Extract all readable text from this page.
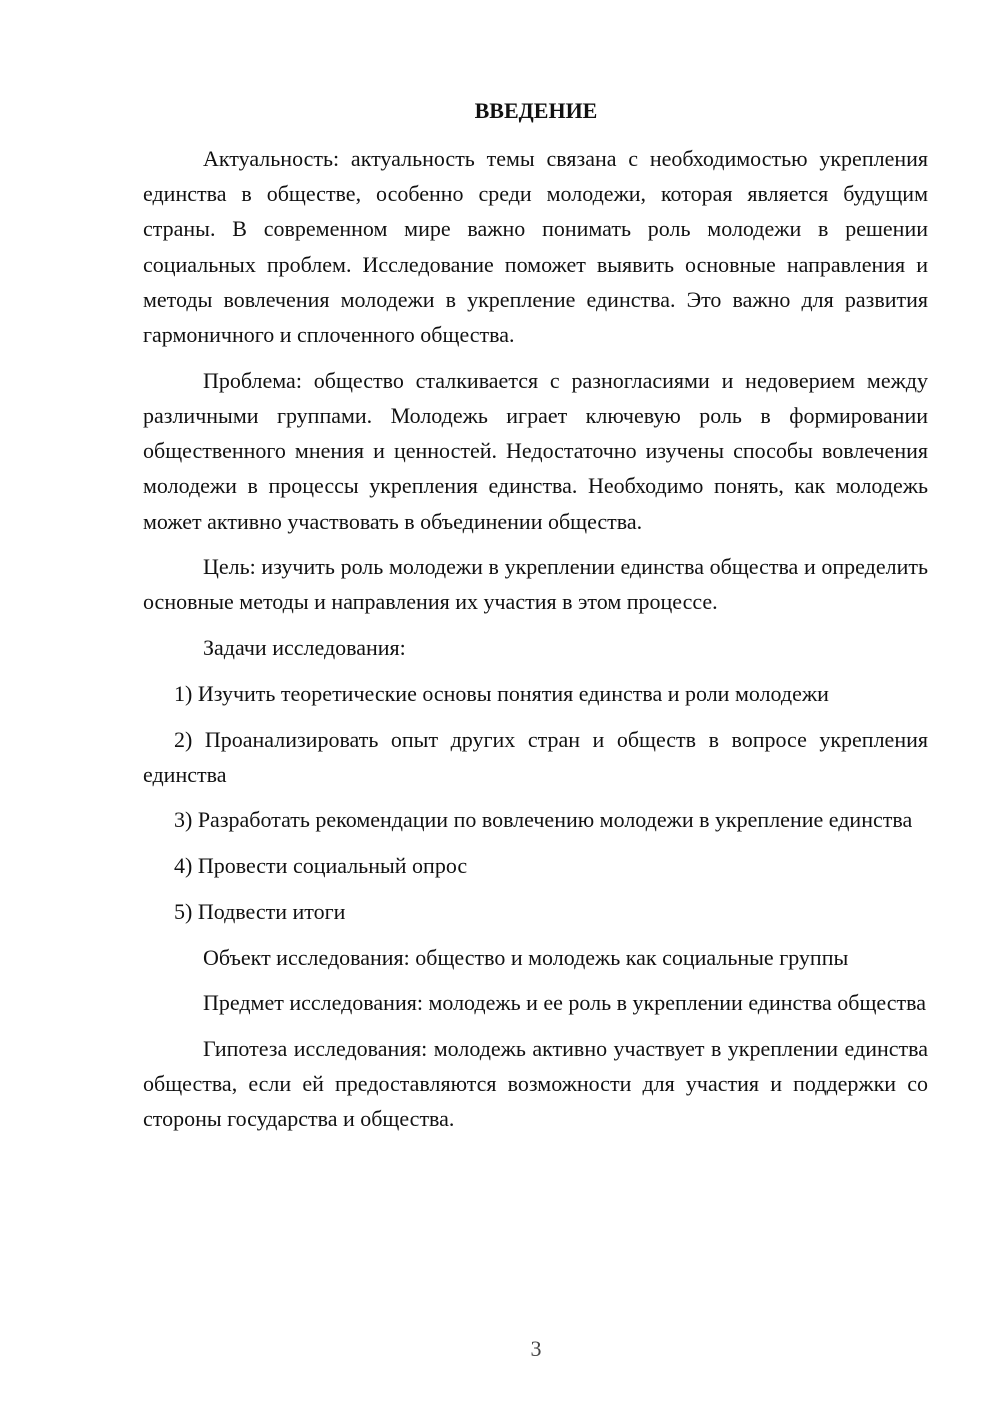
ВВЕДЕНИЕ

Актуальность: актуальность темы связана с необходимостью укрепления единства в обществе, особенно среди молодежи, которая является будущим страны. В современном мире важно понимать роль молодежи в решении социальных проблем. Исследование поможет выявить основные направления и методы вовлечения молодежи в укрепление единства. Это важно для развития гармоничного и сплоченного общества.

Проблема: общество сталкивается с разногласиями и недоверием между различными группами. Молодежь играет ключевую роль в формировании общественного мнения и ценностей. Недостаточно изучены способы вовлечения молодежи в процессы укрепления единства. Необходимо понять, как молодежь может активно участвовать в объединении общества.

Цель: изучить роль молодежи в укреплении единства общества и определить основные методы и направления их участия в этом процессе.

Задачи исследования:

1) Изучить теоретические основы понятия единства и роли молодежи

2) Проанализировать опыт других стран и обществ в вопросе укрепления единства

3) Разработать рекомендации по вовлечению молодежи в укрепление единства

4) Провести социальный опрос

5) Подвести итоги

Объект исследования: общество и молодежь как социальные группы

Предмет исследования: молодежь и ее роль в укреплении единства общества

Гипотеза исследования: молодежь активно участвует в укреплении единства общества, если ей предоставляются возможности для участия и поддержки со стороны государства и общества.

3
